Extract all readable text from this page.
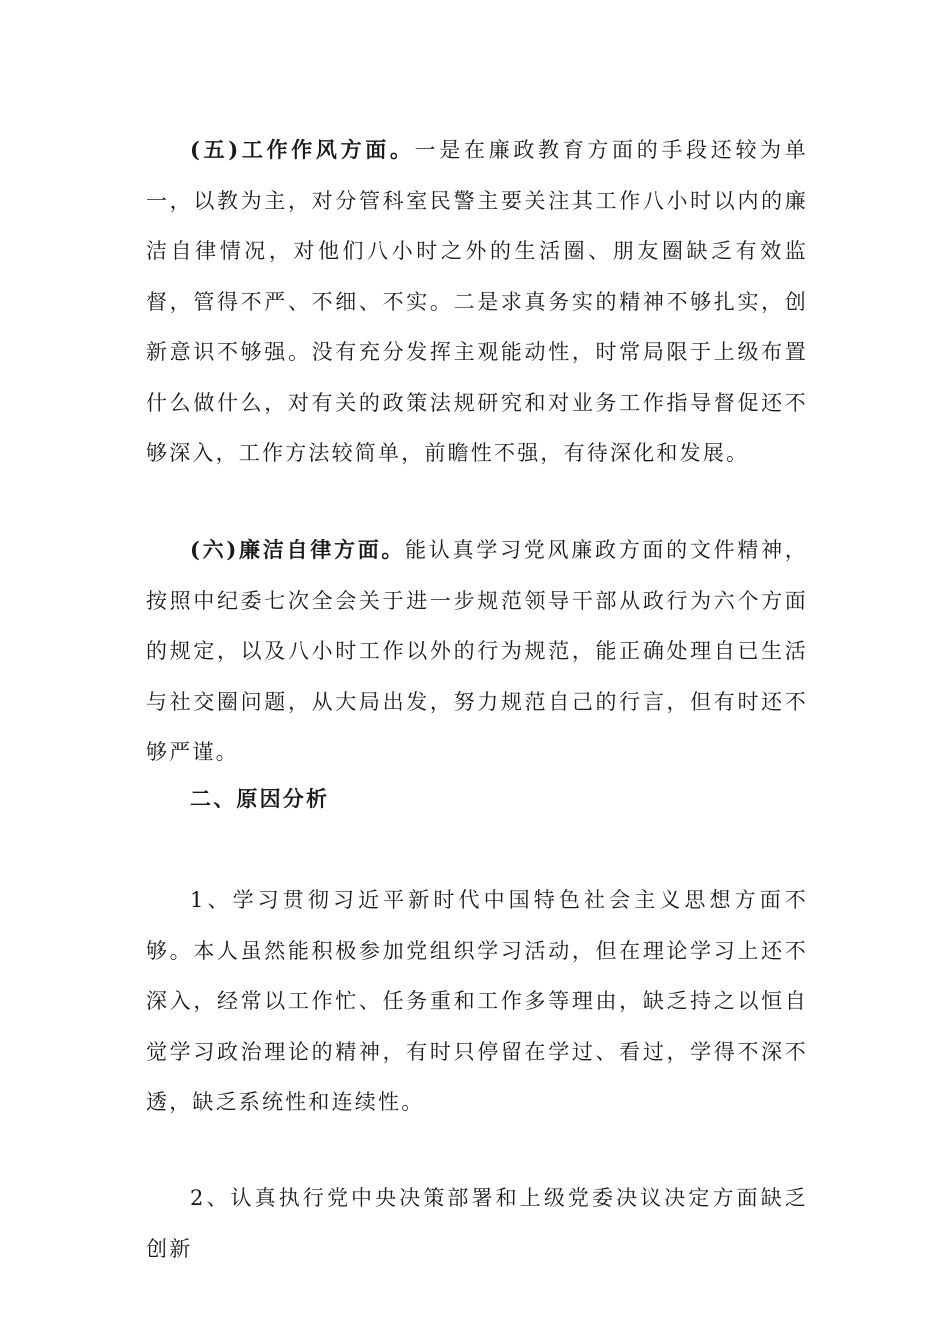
(五)工作作风方面。一是在廉政教育方面的手段还较为单一，以教为主，对分管科室民警主要关注其工作八小时以内的廉洁自律情况，对他们八小时之外的生活圈、朋友圈缺乏有效监督，管得不严、不细、不实。二是求真务实的精神不够扎实，创新意识不够强。没有充分发挥主观能动性，时常局限于上级布置什么做什么，对有关的政策法规研究和对业务工作指导督促还不够深入，工作方法较简单，前瞻性不强，有待深化和发展。

(六)廉洁自律方面。能认真学习党风廉政方面的文件精神，按照中纪委七次全会关于进一步规范领导干部从政行为六个方面的规定，以及八小时工作以外的行为规范，能正确处理自已生活与社交圈问题，从大局出发，努力规范自己的行言，但有时还不够严谨。

二、原因分析

1、学习贯彻习近平新时代中国特色社会主义思想方面不够。本人虽然能积极参加党组织学习活动，但在理论学习上还不深入，经常以工作忙、任务重和工作多等理由，缺乏持之以恒自觉学习政治理论的精神，有时只停留在学过、看过，学得不深不透，缺乏系统性和连续性。

2、认真执行党中央决策部署和上级党委决议决定方面缺乏创新
